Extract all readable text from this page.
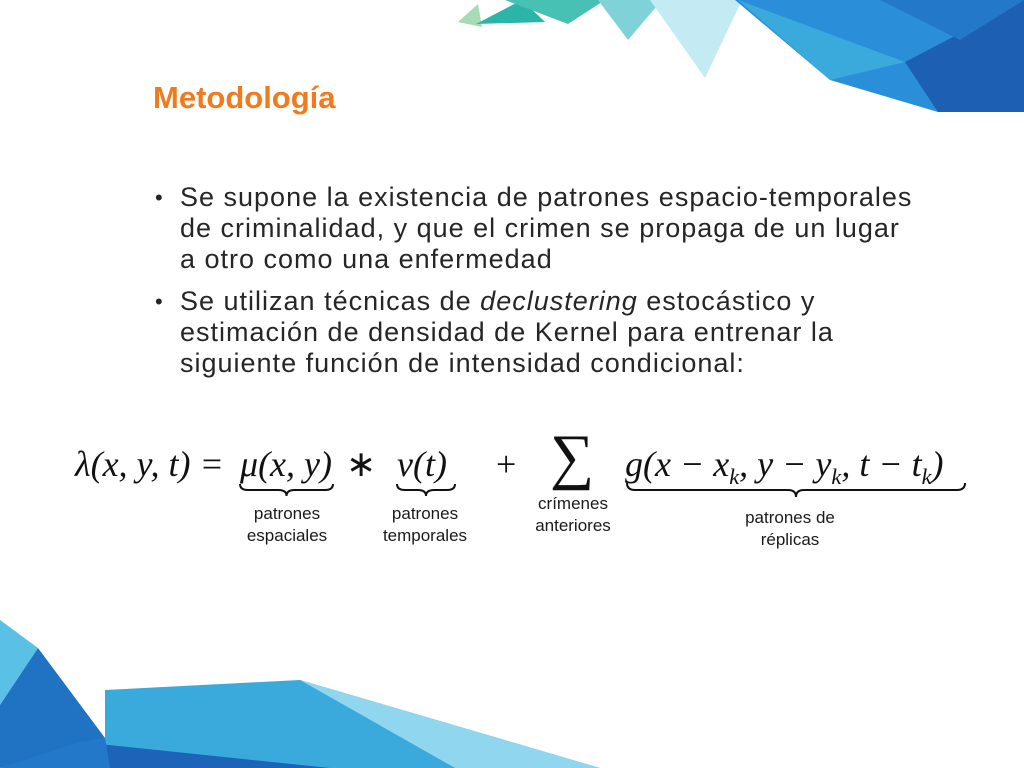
Metodología
• Se supone la existencia de patrones espacio-temporales
de criminalidad, y que el crimen se propaga de un lugar
a otro como una enfermedad
• Se utilizan técnicas de declustering estocástico y
estimación de densidad de Kernel para entrenar la
siguiente función de intensidad condicional:
λ(x, y, t) = μ(x, y) ∗ ν(t) + ∑ $g(x - x_k$, $y - y_k$, $t - t_k$)
patrones
espaciales
patrones
temporales
crímenes
anteriores	patrones de
réplicas
